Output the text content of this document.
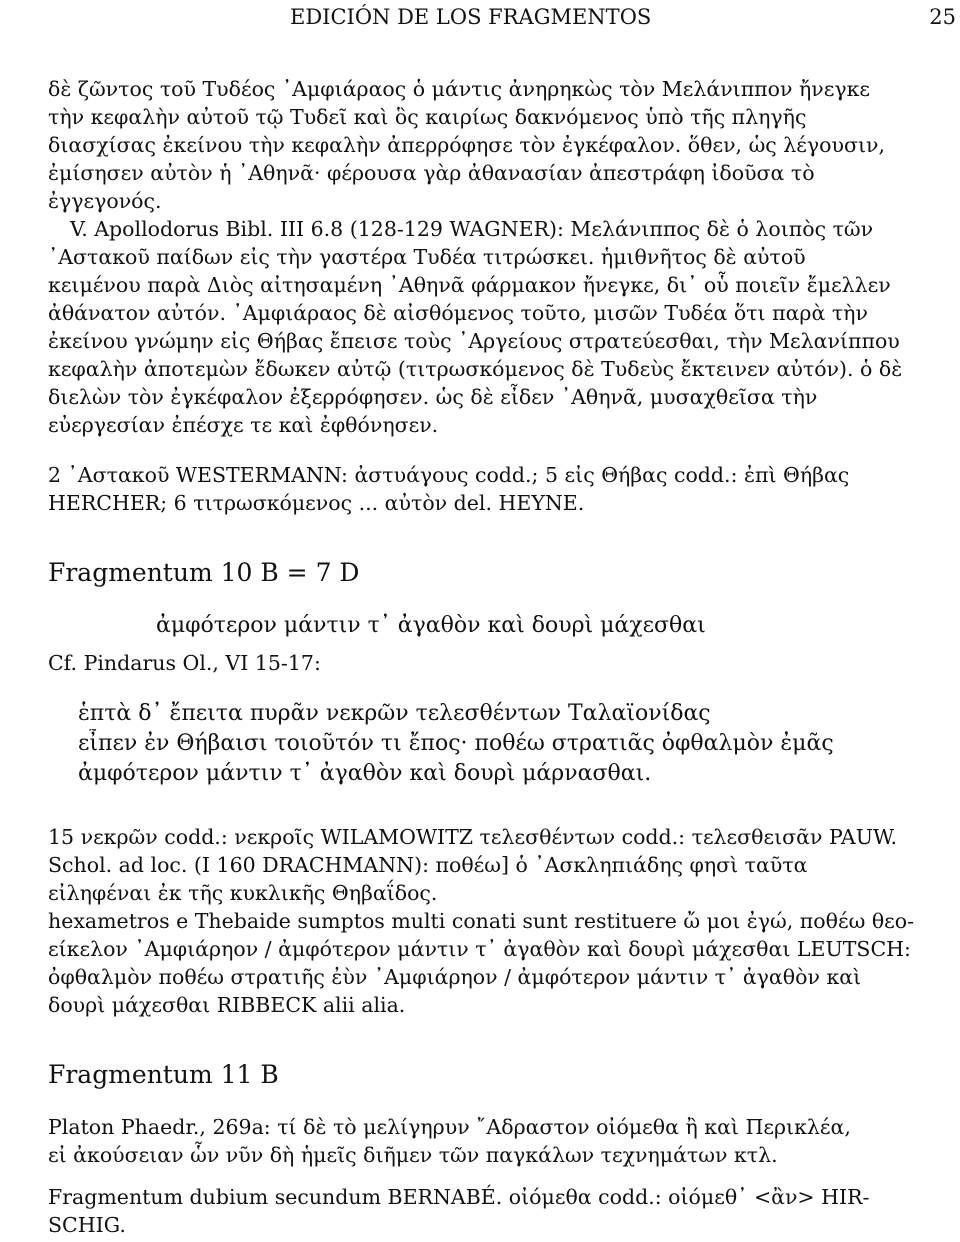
EDICIÓN DE LOS FRAGMENTOS	25
δὲ ζῶντος τοῦ Τυδέος ᾿Αμφιάραος ὁ μάντις ἀνηρηκὼς τὸν Μελάνιππον ἤνεγκε
τὴν κεφαλὴν αὐτοῦ τῷ Τυδεῖ καὶ ὃς καιρίως δακνόμενος ὑπὸ τῆς πληγῆς
διασχίσας ἐκείνου τὴν κεφαλὴν ἀπερρόφησε τὸν ἐγκέφαλον. ὅθεν, ὡς λέγουσιν,
ἐμίσησεν αὐτὸν ἡ ᾿Αθηνᾶ· φέρουσα γὰρ ἀθανασίαν ἀπεστράφη ἰδοῦσα τὸ
ἐγγεγονός.
V. Apollodorus Bibl. III 6.8 (128-129 WAGNER): Μελάνιππος δὲ ὁ λοιπὸς τῶν
᾿Αστακοῦ παίδων εἰς τὴν γαστέρα Τυδέα τιτρώσκει. ἡμιθνῆτος δὲ αὐτοῦ
κειμένου παρὰ Διὸς αἰτησαμένη ᾿Αθηνᾶ φάρμακον ἤνεγκε, δι᾿ οὗ ποιεῖν ἔμελλεν
ἀθάνατον αὐτόν. ᾿Αμφιάραος δὲ αἰσθόμενος τοῦτο, μισῶν Τυδέα ὅτι παρὰ τὴν
ἐκείνου γνώμην εἰς Θήβας ἔπεισε τοὺς ᾿Αργείους στρατεύεσθαι, τὴν Μελανίππου
κεφαλὴν ἀποτεμὼν ἔδωκεν αὐτῷ (τιτρωσκόμενος δὲ Τυδεὺς ἔκτεινεν αὐτόν). ὁ δὲ
διελὼν τὸν ἐγκέφαλον ἐξερρόφησεν. ὡς δὲ εἶδεν ᾿Αθηνᾶ, μυσαχθεῖσα τὴν
εὐεργεσίαν ἐπέσχε τε καὶ ἐφθόνησεν.
2 ᾿Αστακοῦ WESTERMANN: ἀστυάγους codd.; 5 εἰς Θήβας codd.: ἐπὶ Θήβας
HERCHER; 6 τιτρωσκόμενος ... αὐτὸν del. HEYNE.
Fragmentum 10 B = 7 D
ἀμφότερον μάντιν τ᾿ ἀγαθὸν καὶ δουρὶ μάχεσθαι
Cf. Pindarus Ol., VI 15-17:
ἑπτὰ δ᾿ ἔπειτα πυρᾶν νεκρῶν τελεσθέντων Ταλαϊονίδας
εἶπεν ἐν Θήβαισι τοιοῦτόν τι ἔπος· ποθέω στρατιᾶς ὀφθαλμὸν ἐμᾶς
ἀμφότερον μάντιν τ᾿ ἀγαθὸν καὶ δουρὶ μάρνασθαι.
15 νεκρῶν codd.: νεκροῖς WILAMOWITZ τελεσθέντων codd.: τελεσθεισᾶν PAUW.
Schol. ad loc. (I 160 DRACHMANN): ποθέω] ὁ ᾿Ασκληπιάδης φησὶ ταῦτα
εἰληφέναι ἐκ τῆς κυκλικῆς Θηβαΐδος.
hexametros e Thebaide sumptos multi conati sunt restituere ὤ μοι ἐγώ, ποθέω θεο-
είκελον ᾿Αμφιάρηον / ἀμφότερον μάντιν τ᾿ ἀγαθὸν καὶ δουρὶ μάχεσθαι LEUTSCH:
ὀφθαλμὸν ποθέω στρατιῆς ἐὺν ᾿Αμφιάρηον / ἀμφότερον μάντιν τ᾿ ἀγαθὸν καὶ
δουρὶ μάχεσθαι RIBBECK alii alia.
Fragmentum 11 B
Platon Phaedr., 269a: τί δὲ τὸ μελίγηρυν ῎Αδραστον οἰόμεθα ἢ καὶ Περικλέα,
εἰ ἀκούσειαν ὧν νῦν δὴ ἡμεῖς διῆμεν τῶν παγκάλων τεχνημάτων κτλ.
Fragmentum dubium secundum BERNABÉ. οἰόμεθα codd.: οἰόμεθ᾿ <ἂν> HIR-
SCHIG.
